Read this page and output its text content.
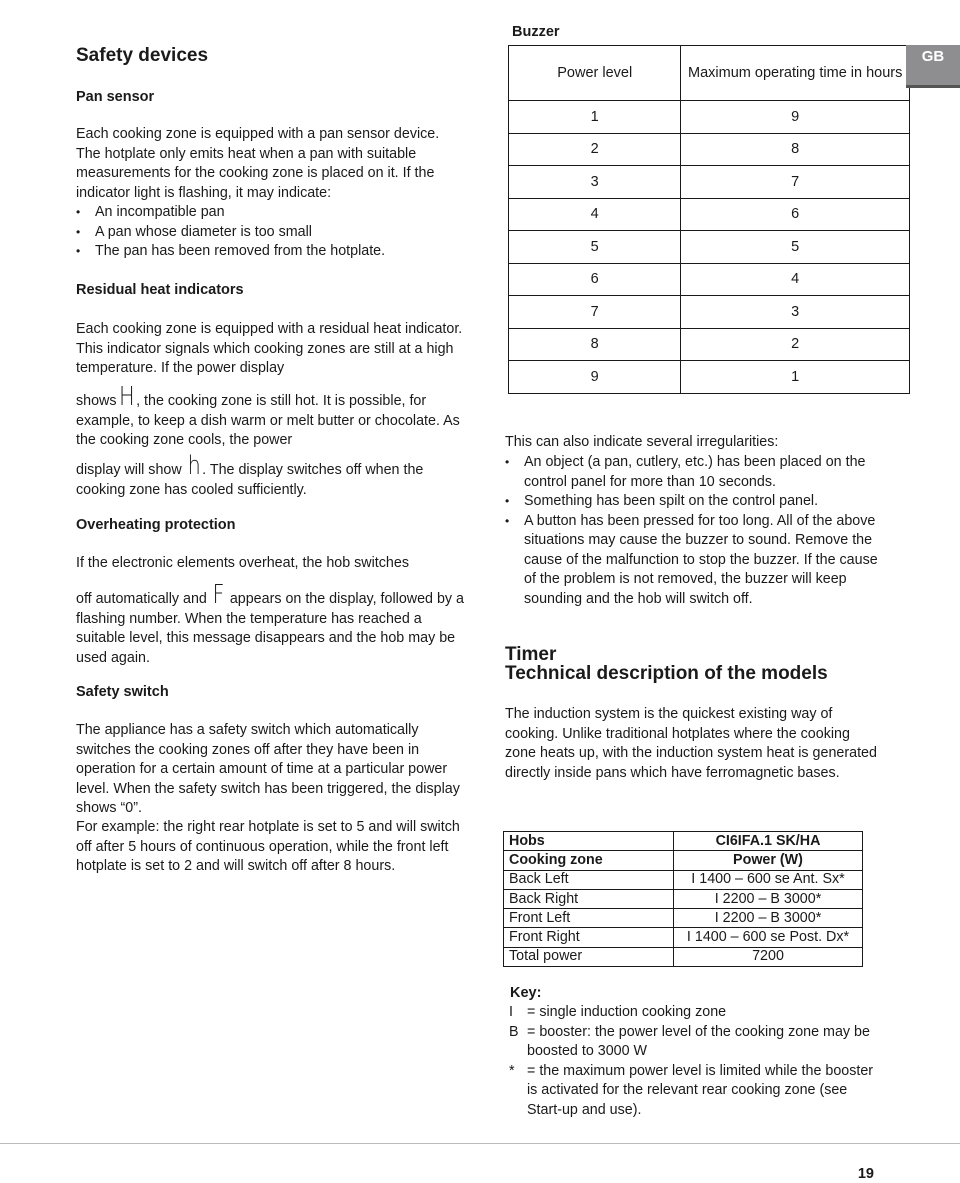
Safety devices
Pan sensor

Each cooking zone is equipped with a pan sensor device. The hotplate only emits heat when a pan with suitable measurements for the cooking zone is placed on it. If the indicator light is flashing, it may indicate:

• An incompatible pan
• A pan whose diameter is too small
• The pan has been removed from the hotplate.
Residual heat indicators

Each cooking zone is equipped with a residual heat indicator. This indicator signals which cooking zones are still at a high temperature. If the power display

showsH , the cooking zone is still hot. It is possible, for example, to keep a dish warm or melt butter or chocolate. As the cooking zone cools, the power

display will show h . The display switches off when the cooking zone has cooled sufficiently.

Overheating protection

If the electronic elements overheat, the hob switches

off automatically and F appears on the display, followed by a flashing number. When the temperature has reached a suitable level, this message disappears and the hob may be used again.

Safety switch

The appliance has a safety switch which automatically switches the cooking zones off after they have been in operation for a certain amount of time at a particular power level. When the safety switch has been triggered, the display shows “0”.

For example: the right rear hotplate is set to 5 and will switch off after 5 hours of continuous operation, while the front left hotplate is set to 2 and will switch off after 8 hours.

Buzzer
Power level	Maximum operating time in hours
1	9
2	8
3	7
4	6
5	5
6	4
7	3
8	2
9	1
GB

This can also indicate several irregularities:

• An object (a pan, cutlery, etc.) has been placed on the control panel for more than 10 seconds.
• Something has been spilt on the control panel.
• A button has been pressed for too long. All of the above situations may cause the buzzer to sound. Remove the cause of the malfunction to stop the buzzer. If the cause of the problem is not removed, the buzzer will keep sounding and the hob will switch off.
Timer
Technical description of the models

The induction system is the quickest existing way of cooking. Unlike traditional hotplates where the cooking zone heats up, with the induction system heat is generated directly inside pans which have ferromagnetic bases.

Hobs	CI6IFA.1 SK/HA
Cooking zone	Power (W)
Back Left	I 1400 – 600 se Ant. Sx*
Back Right	I 2200 – B 3000*
Front Left	I 2200 – B 3000*
Front Right	I 1400 – 600 se Post. Dx*
Total power	7200
Key:
I = single induction cooking zone
B = booster: the power level of the cooking zone may be boosted to 3000 W
* = the maximum power level is limited while the booster is activated for the relevant rear cooking zone (see Start-up and use).
19
